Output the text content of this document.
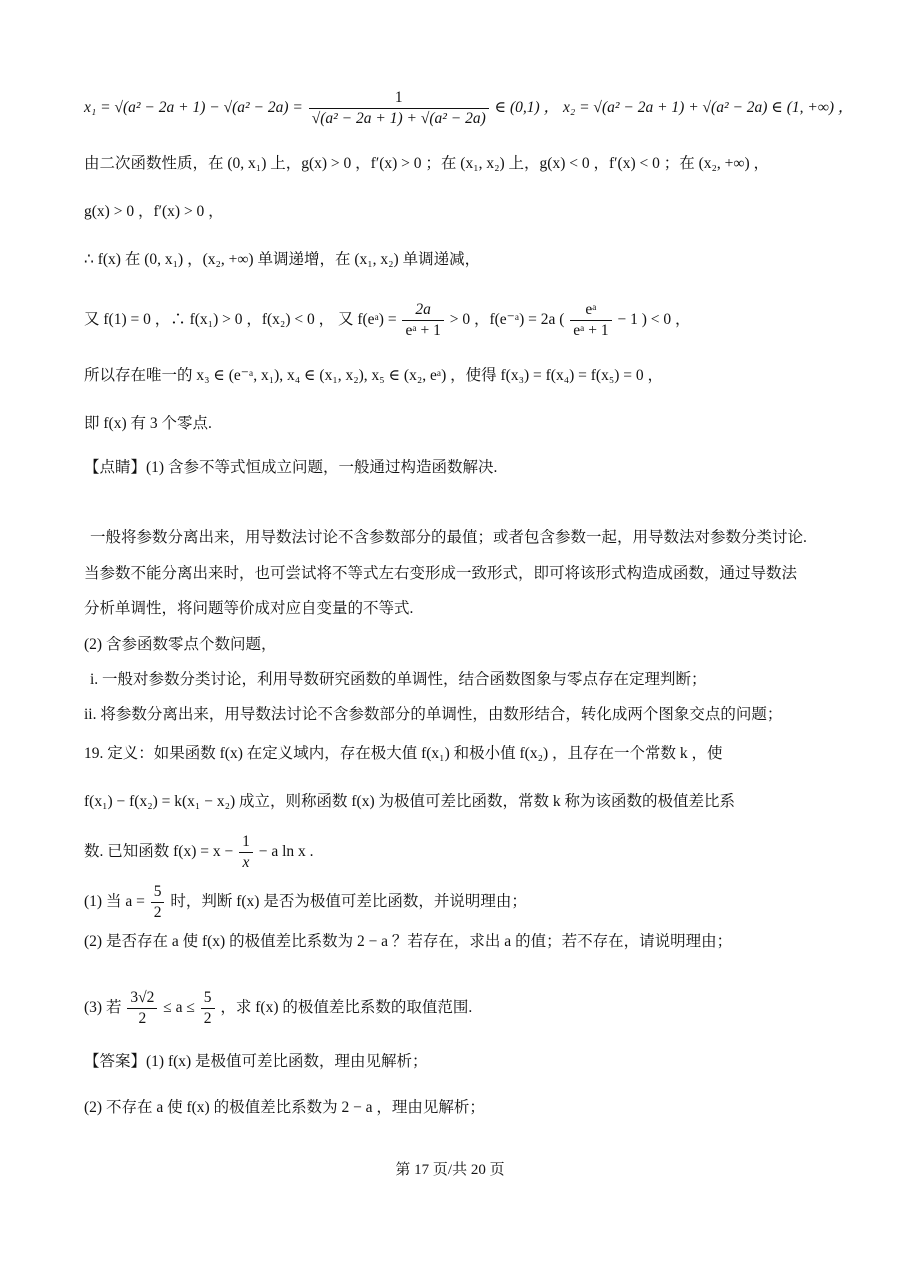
$x_1 = √(a^2 - 2a + 1) - √(a^2 - 2a) = \frac{1}{\text{√(a² − 2a + 1) + √(a² − 2a)}}$ ∈ (0,1) ， x₂ = √(a² − 2a + 1) + √(a² − 2a) ∈ (1, +∞) ，
由二次函数性质，在 (0, x₁) 上，g(x) > 0 ，f′(x) > 0 ；在 (x₁, x₂) 上，g(x) < 0 ，f′(x) < 0 ；在 (x₂, +∞) ，
g(x) > 0 ，f′(x) > 0 ，
∴ f(x) 在 (0, x₁) ，(x₂, +∞) 单调递增，在 (x₁, x₂) 单调递减，
又 f(1) = 0 ，∴ f(x₁) > 0 ，f(x₂) < 0 ， 又 f(eᵃ) = $\frac{2a}{\text{eᵃ + 1}} > 0$ ，f(e⁻ᵃ) = 2a ( $\frac{\text{eᵃ}}{\text{eᵃ + 1}} - 1$ ) < 0 ，
所以存在唯一的 x₃ ∈ (e⁻ᵃ, x₁), x₄ ∈ (x₁, x₂), x₅ ∈ (x₂, eᵃ) ，使得 f(x₃) = f(x₄) = f(x₅) = 0 ，
即 f(x) 有 3 个零点.
【点睛】(1) 含参不等式恒成立问题，一般通过构造函数解决.
一般将参数分离出来，用导数法讨论不含参数部分的最值；或者包含参数一起，用导数法对参数分类讨论.
当参数不能分离出来时，也可尝试将不等式左右变形成一致形式，即可将该形式构造成函数，通过导数法
分析单调性，将问题等价成对应自变量的不等式.
(2) 含参函数零点个数问题，
i. 一般对参数分类讨论，利用导数研究函数的单调性，结合函数图象与零点存在定理判断；
ii. 将参数分离出来，用导数法讨论不含参数部分的单调性，由数形结合，转化成两个图象交点的问题；
19. 定义：如果函数 f(x) 在定义域内，存在极大值 f(x₁) 和极小值 f(x₂) ，且存在一个常数 k ，使
f(x₁) − f(x₂) = k(x₁ − x₂) 成立，则称函数 f(x) 为极值可差比函数，常数 k 称为该函数的极值差比系
数. 已知函数 $f(x) = x - \frac{1}{x} - a$ ln x .
(1) 当 $a = \frac{5}{2}$ 时，判断 f(x) 是否为极值可差比函数，并说明理由；
(2) 是否存在 a 使 f(x) 的极值差比系数为 2 − a ？若存在，求出 a 的值；若不存在，请说明理由；
(3) 若 $\frac{3√2}{2} \le a \le \frac{5}{2}$ ，求 f(x) 的极值差比系数的取值范围.
【答案】(1) f(x) 是极值可差比函数，理由见解析；
(2) 不存在 a 使 f(x) 的极值差比系数为 2 − a ，理由见解析；
第 17 页/共 20 页
